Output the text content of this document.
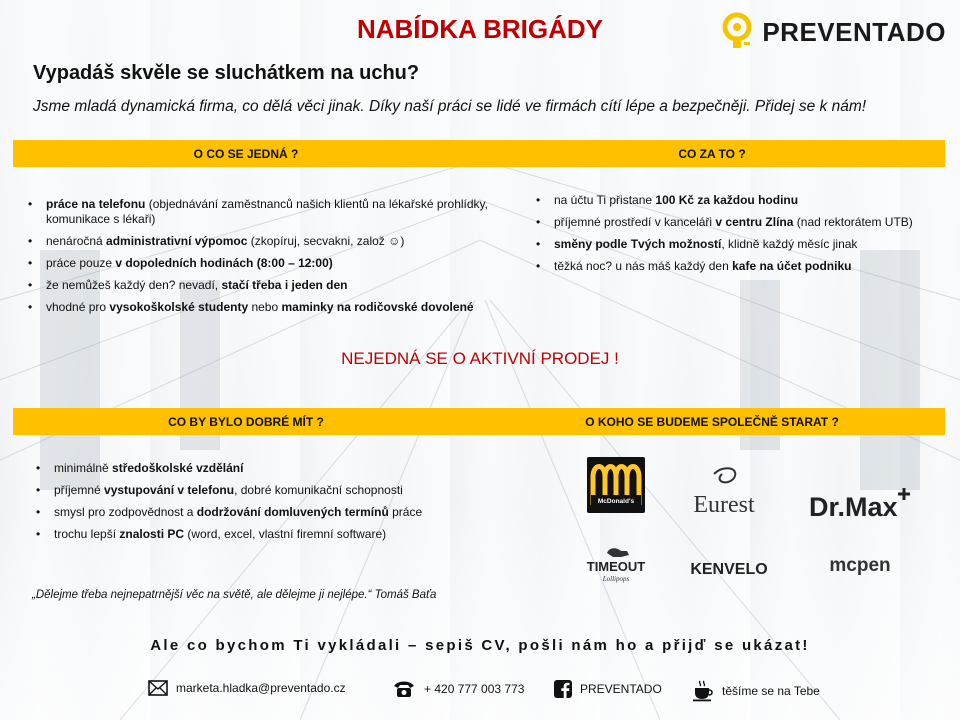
NABÍDKA BRIGÁDY	PREVENTADO
Vypadáš skvěle se sluchátkem na uchu?
Jsme mladá dynamická firma, co dělá věci jinak. Díky naší práci se lidé ve firmách cítí lépe a bezpečněji. Přidej se k nám!
O CO SE JEDNÁ ?	CO ZA TO ?
• práce na telefonu (objednávání zaměstnanců našich klientů na lékařské prohlídky, komunikace s lékaři)
• nenáročná administrativní výpomoc (zkopíruj, secvakni, založ ☺)
• práce pouze v dopoledních hodinách (8:00 – 12:00)
• že nemůžeš každý den? nevadí, stačí třeba i jeden den
• vhodné pro vysokoškolské studenty nebo maminky na rodičovské dovolené
• na účtu Ti přistane 100 Kč za každou hodinu
• příjemné prostředí v kanceláři v centru Zlína (nad rektorátem UTB)
• směny podle Tvých možností, klidně každý měsíc jinak
• těžká noc? u nás máš každý den kafe na účet podniku
NEJEDNÁ SE O AKTIVNÍ PRODEJ !
CO BY BYLO DOBRÉ MÍT ?	O KOHO SE BUDEME SPOLEČNĚ STARAT ?
• minimálně středoškolské vzdělání
• příjemné vystupování v telefonu, dobré komunikační schopnosti
• smysl pro zodpovědnost a dodržování domluvených termínů práce
• trochu lepší znalosti PC (word, excel, vlastní firemní software)
McDonald's Eurest Dr.Max
TIMEOUT
Lollipops
KENVELO	mcpen
„Dělejme třeba nejnepatrnější věc na světě, ale dělejme ji nejlépe.“ Tomáš Baťa
Ale co bychom Ti vykládali – sepiš CV, pošli nám ho a přijď se ukázat!
marketa.hladka@preventado.cz	+ 420 777 003 773	PREVENTADO	těšíme se na Tebe
